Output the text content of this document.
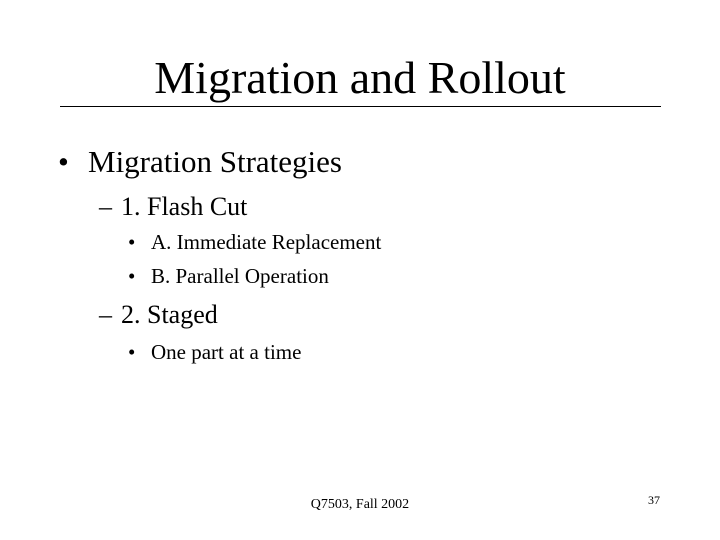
Migration and Rollout
• Migration Strategies
– 1. Flash Cut
• A. Immediate Replacement
• B. Parallel Operation
– 2. Staged
• One part at a time
Q7503, Fall 2002	37
